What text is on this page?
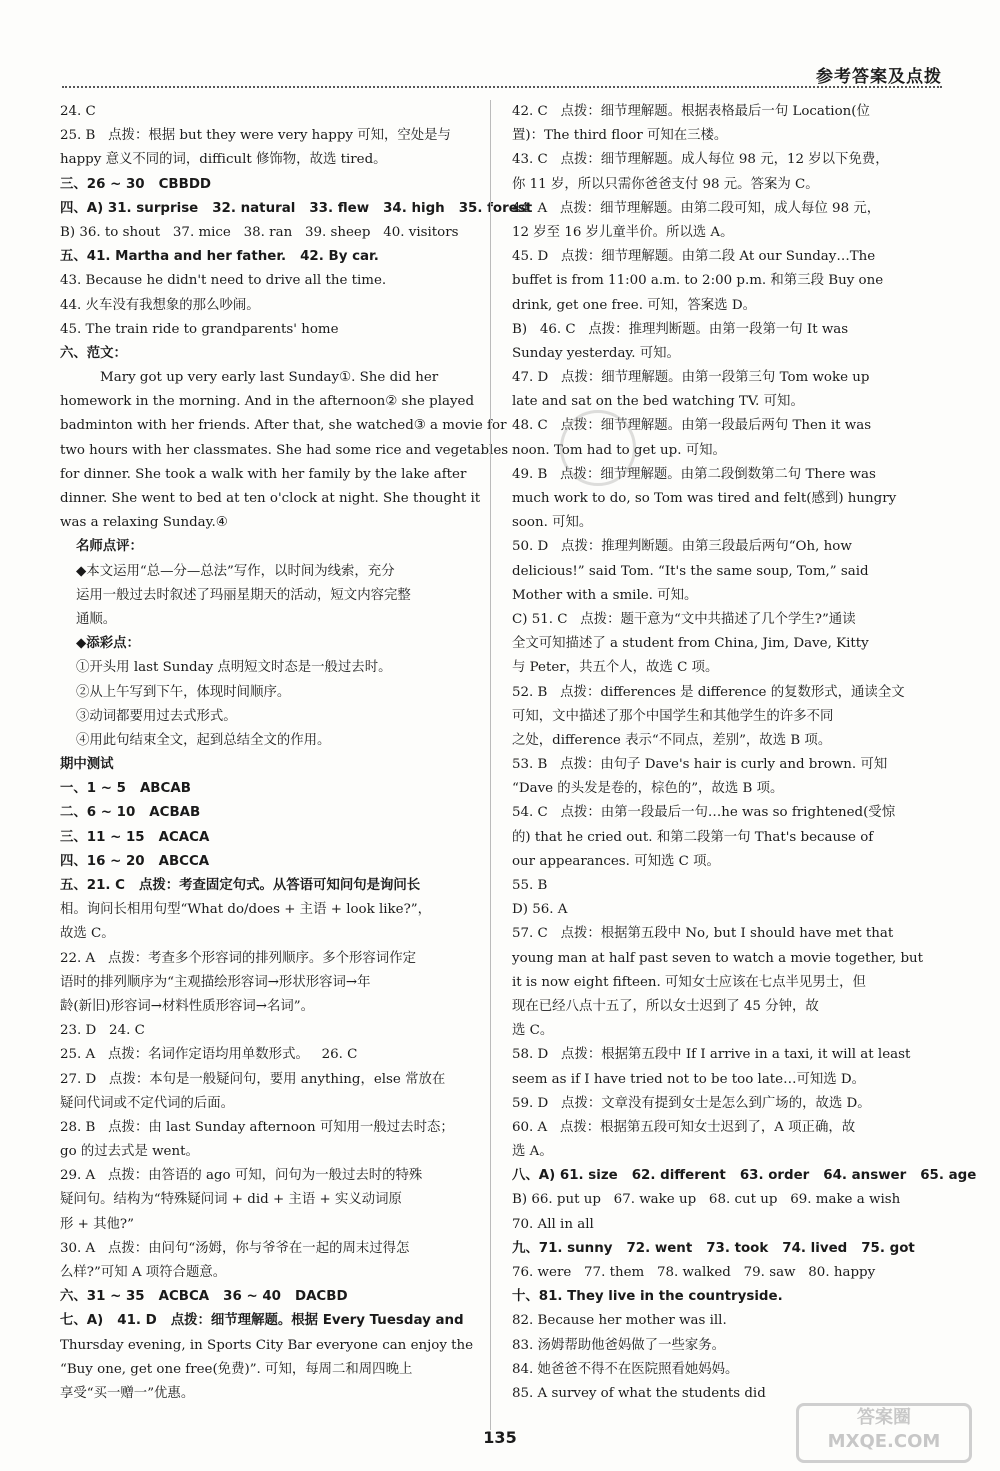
参考答案及点拨
24. C
25. B   点拨：根据 but they were very happy 可知，空处是与
happy 意义不同的词，difficult 修饰物，故选 tired。
三、26 ~ 30   CBBDD
四、A) 31. surprise   32. natural   33. flew   34. high   35. forest
B) 36. to shout   37. mice   38. ran   39. sheep   40. visitors
五、41. Martha and her father.   42. By car.
43. Because he didn't need to drive all the time.
44. 火车没有我想象的那么吵闹。
45. The train ride to grandparents' home
六、范文：
Mary got up very early last Sunday①. She did her
homework in the morning. And in the afternoon② she played
badminton with her friends. After that, she watched③ a movie for
two hours with her classmates. She had some rice and vegetables
for dinner. She took a walk with her family by the lake after
dinner. She went to bed at ten o'clock at night. She thought it
was a relaxing Sunday.④
名师点评：
◆本文运用“总—分—总法”写作，以时间为线索，充分
运用一般过去时叙述了玛丽星期天的活动，短文内容完整
通顺。
◆添彩点：
①开头用 last Sunday 点明短文时态是一般过去时。
②从上午写到下午，体现时间顺序。
③动词都要用过去式形式。
④用此句结束全文，起到总结全文的作用。
期中测试
一、1 ~ 5   ABCAB
二、6 ~ 10   ACBAB
三、11 ~ 15   ACACA
四、16 ~ 20   ABCCA
五、21. C   点拨：考查固定句式。从答语可知问句是询问长
相。询问长相用句型“What do/does + 主语 + look like?”，
故选 C。
22. A   点拨：考查多个形容词的排列顺序。多个形容词作定
语时的排列顺序为“主观描绘形容词→形状形容词→年
龄(新旧)形容词→材料性质形容词→名词”。
23. D   24. C
25. A   点拨：名词作定语均用单数形式。   26. C
27. D   点拨：本句是一般疑问句，要用 anything，else 常放在
疑问代词或不定代词的后面。
28. B   点拨：由 last Sunday afternoon 可知用一般过去时态；
go 的过去式是 went。
29. A   点拨：由答语的 ago 可知，问句为一般过去时的特殊
疑问句。结构为“特殊疑问词 + did + 主语 + 实义动词原
形 + 其他?”
30. A   点拨：由问句“汤姆，你与爷爷在一起的周末过得怎
么样?”可知 A 项符合题意。
六、31 ~ 35   ACBCA   36 ~ 40   DACBD
七、A)   41. D   点拨：细节理解题。根据 Every Tuesday and
Thursday evening, in Sports City Bar everyone can enjoy the
“Buy one, get one free(免费)”. 可知，每周二和周四晚上
享受“买一赠一”优惠。
42. C   点拨：细节理解题。根据表格最后一句 Location(位
置)：The third floor 可知在三楼。
43. C   点拨：细节理解题。成人每位 98 元，12 岁以下免费，
你 11 岁，所以只需你爸爸支付 98 元。答案为 C。
44. A   点拨：细节理解题。由第二段可知，成人每位 98 元，
12 岁至 16 岁儿童半价。所以选 A。
45. D   点拨：细节理解题。由第二段 At our Sunday…The
buffet is from 11:00 a.m. to 2:00 p.m. 和第三段 Buy one
drink, get one free. 可知，答案选 D。
B)   46. C   点拨：推理判断题。由第一段第一句 It was
Sunday yesterday. 可知。
47. D   点拨：细节理解题。由第一段第三句 Tom woke up
late and sat on the bed watching TV. 可知。
48. C   点拨：细节理解题。由第一段最后两句 Then it was
noon. Tom had to get up. 可知。
49. B   点拨：细节理解题。由第二段倒数第二句 There was
much work to do, so Tom was tired and felt(感到) hungry
soon. 可知。
50. D   点拨：推理判断题。由第三段最后两句“Oh, how
delicious!” said Tom. “It's the same soup, Tom,” said
Mother with a smile. 可知。
C) 51. C   点拨：题干意为“文中共描述了几个学生?”通读
全文可知描述了 a student from China, Jim, Dave, Kitty
与 Peter，共五个人，故选 C 项。
52. B   点拨：differences 是 difference 的复数形式，通读全文
可知，文中描述了那个中国学生和其他学生的许多不同
之处，difference 表示“不同点，差别”，故选 B 项。
53. B   点拨：由句子 Dave's hair is curly and brown. 可知
“Dave 的头发是卷的，棕色的”，故选 B 项。
54. C   点拨：由第一段最后一句…he was so frightened(受惊
的) that he cried out. 和第二段第一句 That's because of
our appearances. 可知选 C 项。
55. B
D) 56. A
57. C   点拨：根据第五段中 No, but I should have met that
young man at half past seven to watch a movie together, but
it is now eight fifteen. 可知女士应该在七点半见男士，但
现在已经八点十五了，所以女士迟到了 45 分钟，故
选 C。
58. D   点拨：根据第五段中 If I arrive in a taxi, it will at least
seem as if I have tried not to be too late…可知选 D。
59. D   点拨：文章没有提到女士是怎么到广场的，故选 D。
60. A   点拨：根据第五段可知女士迟到了，A 项正确，故
选 A。
八、A) 61. size   62. different   63. order   64. answer   65. age
B) 66. put up   67. wake up   68. cut up   69. make a wish
70. All in all
九、71. sunny   72. went   73. took   74. lived   75. got
76. were   77. them   78. walked   79. saw   80. happy
十、81. They live in the countryside.
82. Because her mother was ill.
83. 汤姆帮助他爸妈做了一些家务。
84. 她爸爸不得不在医院照看她妈妈。
85. A survey of what the students did
135
答案圈
MXQE.COM
